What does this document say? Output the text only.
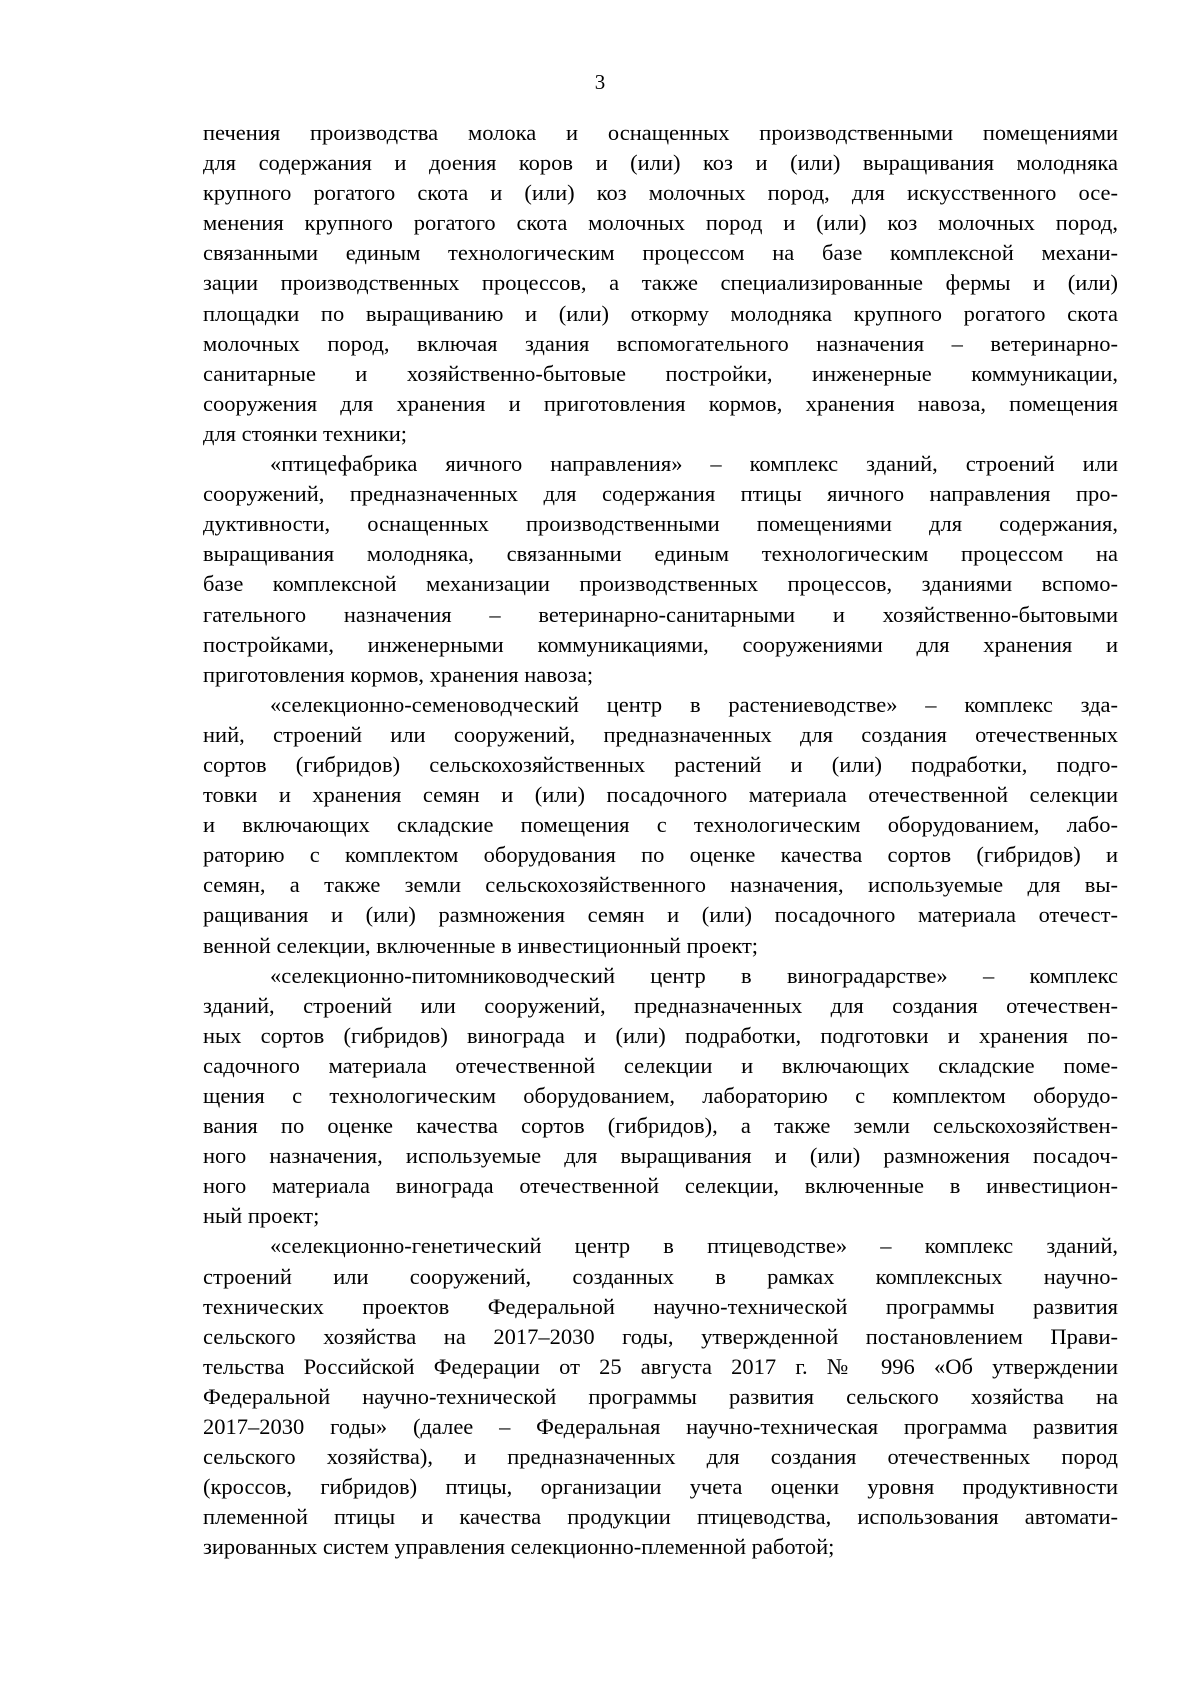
3
печения производства молока и оснащенных производственными помещениями
для содержания и доения коров и (или) коз и (или) выращивания молодняка
крупного рогатого скота и (или) коз молочных пород, для искусственного осе-
менения крупного рогатого скота молочных пород и (или) коз молочных пород,
связанными единым технологическим процессом на базе комплексной механи-
зации производственных процессов, а также специализированные фермы и (или)
площадки по выращиванию и (или) откорму молодняка крупного рогатого скота
молочных пород, включая здания вспомогательного назначения – ветеринарно-
санитарные и хозяйственно-бытовые постройки, инженерные коммуникации,
сооружения для хранения и приготовления кормов, хранения навоза, помещения
для стоянки техники;
«птицефабрика яичного направления» – комплекс зданий, строений или
сооружений, предназначенных для содержания птицы яичного направления про-
дуктивности, оснащенных производственными помещениями для содержания,
выращивания молодняка, связанными единым технологическим процессом на
базе комплексной механизации производственных процессов, зданиями вспомо-
гательного назначения – ветеринарно-санитарными и хозяйственно-бытовыми
постройками, инженерными коммуникациями, сооружениями для хранения и
приготовления кормов, хранения навоза;
«селекционно-семеноводческий центр в растениеводстве» – комплекс зда-
ний, строений или сооружений, предназначенных для создания отечественных
сортов (гибридов) сельскохозяйственных растений и (или) подработки, подго-
товки и хранения семян и (или) посадочного материала отечественной селекции
и включающих складские помещения с технологическим оборудованием, лабо-
раторию с комплектом оборудования по оценке качества сортов (гибридов) и
семян, а также земли сельскохозяйственного назначения, используемые для вы-
ращивания и (или) размножения семян и (или) посадочного материала отечест-
венной селекции, включенные в инвестиционный проект;
«селекционно-питомниководческий центр в виноградарстве» – комплекс
зданий, строений или сооружений, предназначенных для создания отечествен-
ных сортов (гибридов) винограда и (или) подработки, подготовки и хранения по-
садочного материала отечественной селекции и включающих складские поме-
щения с технологическим оборудованием, лабораторию с комплектом оборудо-
вания по оценке качества сортов (гибридов), а также земли сельскохозяйствен-
ного назначения, используемые для выращивания и (или) размножения посадоч-
ного материала винограда отечественной селекции, включенные в инвестицион-
ный проект;
«селекционно-генетический центр в птицеводстве» – комплекс зданий,
строений или сооружений, созданных в рамках комплексных научно-
технических проектов Федеральной научно-технической программы развития
сельского хозяйства на 2017–2030 годы, утвержденной постановлением Прави-
тельства Российской Федерации от 25 августа 2017 г. № 996 «Об утверждении
Федеральной научно-технической программы развития сельского хозяйства на
2017–2030 годы» (далее – Федеральная научно-техническая программа развития
сельского хозяйства), и предназначенных для создания отечественных пород
(кроссов, гибридов) птицы, организации учета оценки уровня продуктивности
племенной птицы и качества продукции птицеводства, использования автомати-
зированных систем управления селекционно-племенной работой;
